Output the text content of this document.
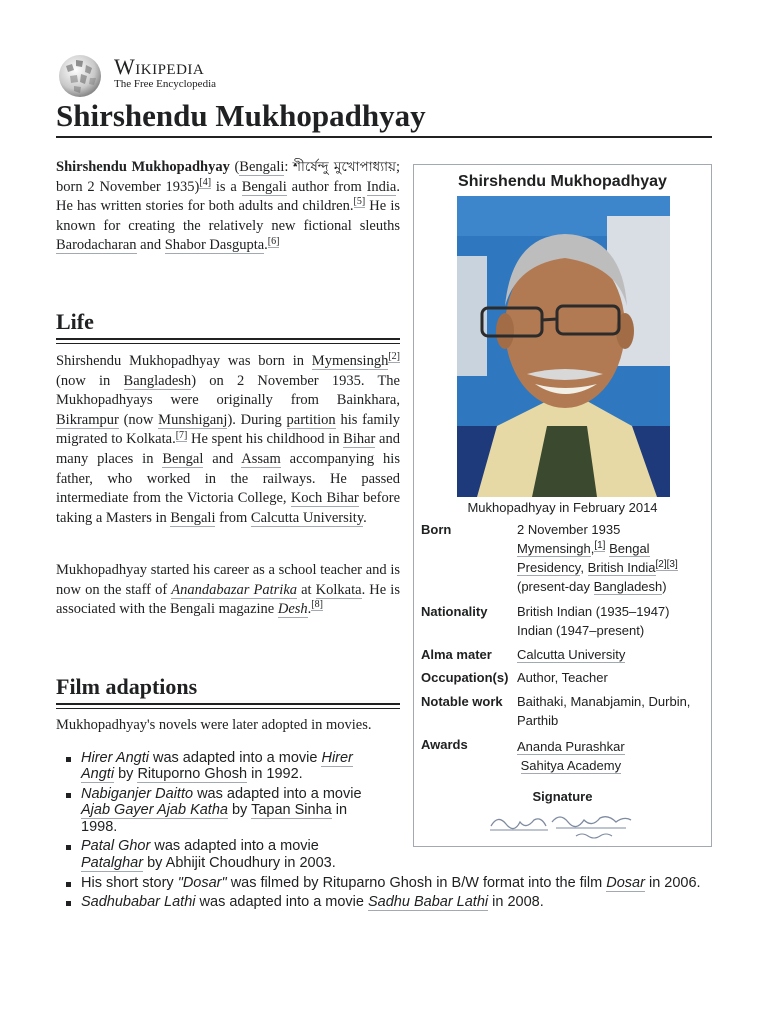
Wikipedia
The Free Encyclopedia
Shirshendu Mukhopadhyay

Shirshendu Mukhopadhyay (Bengali: শীর্ষেন্দু মুখোপাধ্যায়; born 2 November 1935)[4] is a Bengali author from India. He has written stories for both adults and children.[5] He is known for creating the relatively new fictional sleuths Barodacharan and Shabor Dasgupta.[6]

Life

Shirshendu Mukhopadhyay was born in Mymensingh[2] (now in Bangladesh) on 2 November 1935. The Mukhopadhyays were originally from Bainkhara, Bikrampur (now Munshiganj). During partition his family migrated to Kolkata.[7] He spent his childhood in Bihar and many places in Bengal and Assam accompanying his father, who worked in the railways. He passed intermediate from the Victoria College, Koch Bihar before taking a Masters in Bengali from Calcutta University.

Mukhopadhyay started his career as a school teacher and is now on the staff of Anandabazar Patrika at Kolkata. He is associated with the Bengali magazine Desh.[8]

Film adaptions

Mukhopadhyay's novels were later adopted in movies.

Hirer Angti was adapted into a movie Hirer Angti by Rituporno Ghosh in 1992.
Nabiganjer Daitto was adapted into a movie Ajab Gayer Ajab Katha by Tapan Sinha in 1998.
Patal Ghor was adapted into a movie Patalghar by Abhijit Choudhury in 2003.
His short story "Dosar" was filmed by Rituparno Ghosh in B/W format into the film Dosar in 2006.
Sadhubabar Lathi was adapted into a movie Sadhu Babar Lathi in 2008.
Shirshendu Mukhopadhyay
Mukhopadhyay in February 2014
Born	2 November 1935
Mymensingh,[1] Bengal Presidency, British India[2][3]
(present-day Bangladesh)
Nationality	British Indian (1935–1947)
Indian (1947–present)
Alma mater	Calcutta University
Occupation(s) Author, Teacher
Notable work	Baithaki, Manabjamin, Durbin, Parthib
Awards	Ananda Purashkar
Sahitya Academy
Signature
